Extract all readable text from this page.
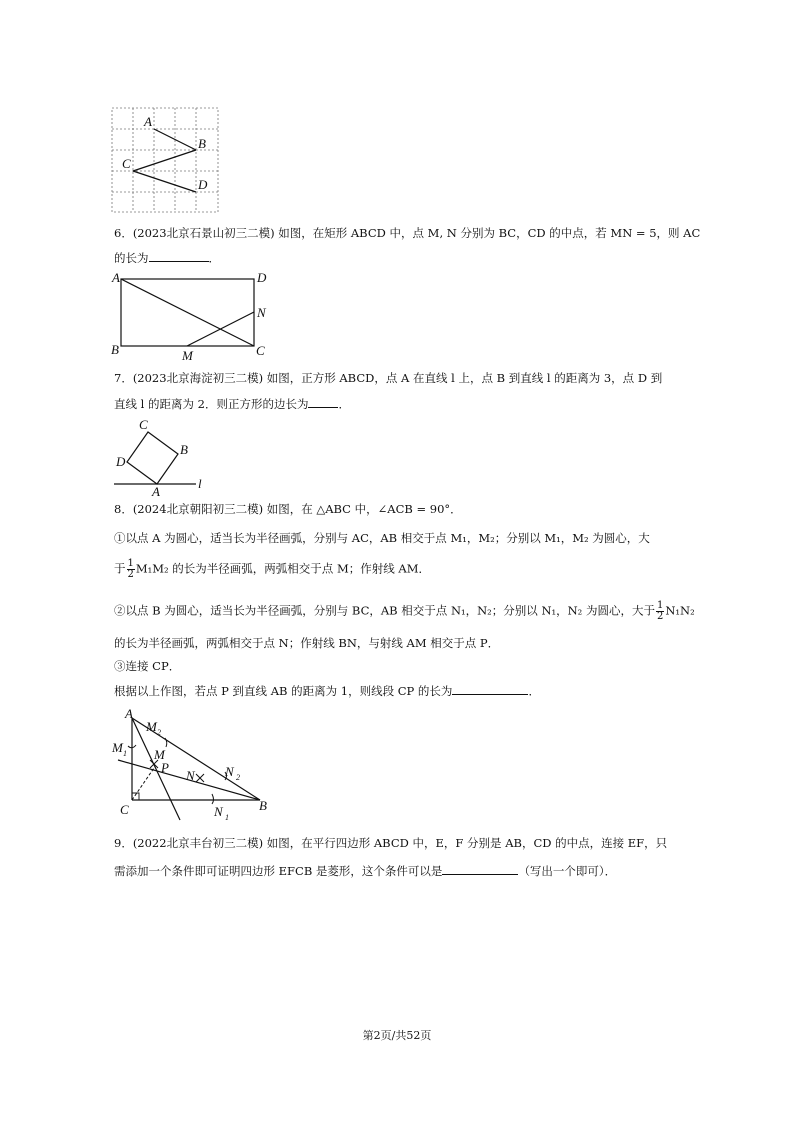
A
B
C
D
6．(2023北京石景山初三二模) 如图，在矩形 ABCD 中，点 M, N 分别为 BC，CD 的中点，若 MN = 5，则 AC
的长为	．
A	D
N
B	M	C
7．(2023北京海淀初三二模) 如图，正方形 ABCD，点 A 在直线 l 上，点 B 到直线 l 的距离为 3，点 D 到
直线 l 的距离为 2．则正方形的边长为	．
C
B
D
A
l
8．(2024北京朝阳初三二模) 如图，在 △ABC 中，∠ACB = 90°．
①以点 A 为圆心，适当长为半径画弧，分别与 AC，AB 相交于点 M₁，M₂；分别以 M₁，M₂ 为圆心，大
于 $\frac{1}{2} M_1M_2$ 的长为半径画弧，两弧相交于点 M；作射线 AM．
②以点 B 为圆心，适当长为半径画弧，分别与 BC，AB 相交于点 N₁，N₂；分别以 N₁，N₂ 为圆心，大于 $\frac{1}{2} N_1N_2$
的长为半径画弧，两弧相交于点 N；作射线 BN，与射线 AM 相交于点 P．
③连接 CP．
根据以上作图，若点 P 到直线 AB 的距离为 1，则线段 CP 的长为	．
A
M 2
M 1 M
P
N N 2
C	N 1
B
9．(2022北京丰台初三二模) 如图，在平行四边形 ABCD 中，E，F 分别是 AB，CD 的中点，连接 EF，只
需添加一个条件即可证明四边形 EFCB 是菱形，这个条件可以是	（写出一个即可）．
第2页/共52页
